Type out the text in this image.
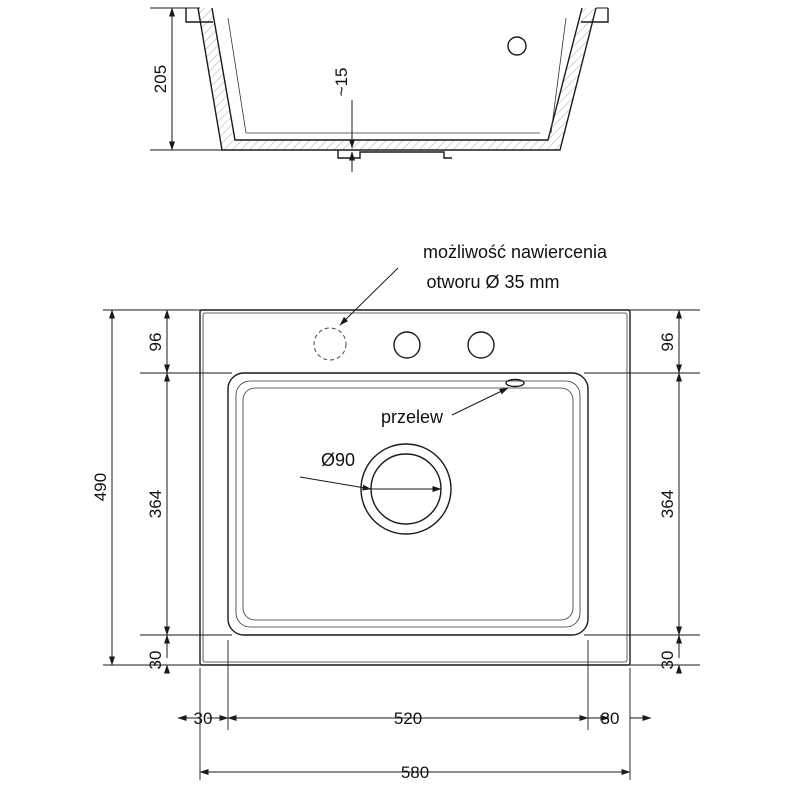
205	~15
możliwość nawiercenia
otworu Ø 35 mm
przelew
Ø90
96
364
30
490
96
364
30
30	520	30
580
